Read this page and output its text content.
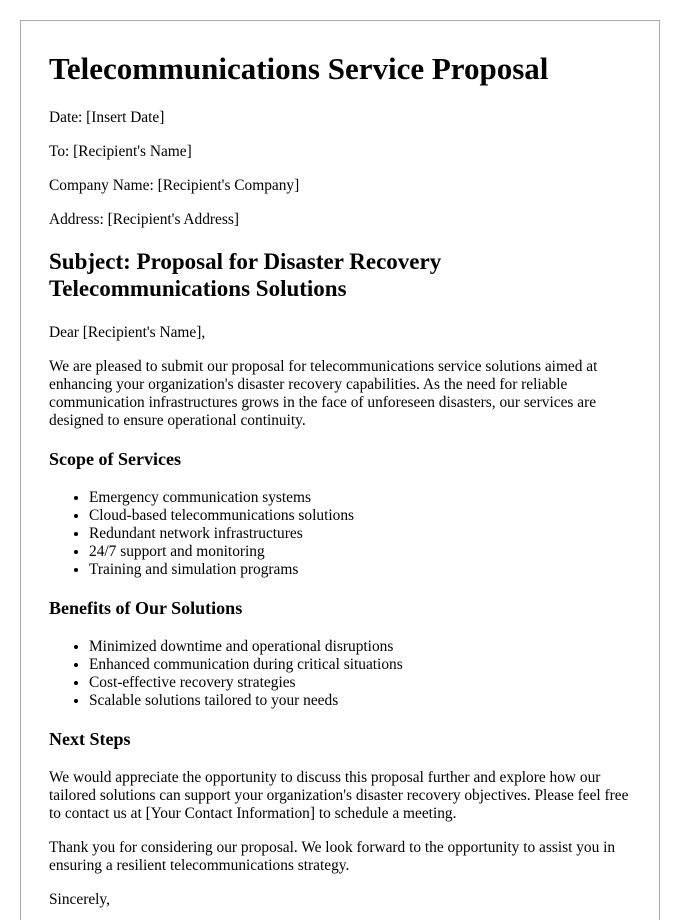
Telecommunications Service Proposal

Date: [Insert Date]

To: [Recipient's Name]

Company Name: [Recipient's Company]

Address: [Recipient's Address]

Subject: Proposal for Disaster Recovery Telecommunications Solutions

Dear [Recipient's Name],

We are pleased to submit our proposal for telecommunications service solutions aimed at enhancing your organization's disaster recovery capabilities. As the need for reliable communication infrastructures grows in the face of unforeseen disasters, our services are designed to ensure operational continuity.

Scope of Services
• Emergency communication systems
• Cloud-based telecommunications solutions
• Redundant network infrastructures
• 24/7 support and monitoring
• Training and simulation programs
Benefits of Our Solutions
• Minimized downtime and operational disruptions
• Enhanced communication during critical situations
• Cost-effective recovery strategies
• Scalable solutions tailored to your needs
Next Steps

We would appreciate the opportunity to discuss this proposal further and explore how our tailored solutions can support your organization's disaster recovery objectives. Please feel free to contact us at [Your Contact Information] to schedule a meeting.

Thank you for considering our proposal. We look forward to the opportunity to assist you in ensuring a resilient telecommunications strategy.

Sincerely,
